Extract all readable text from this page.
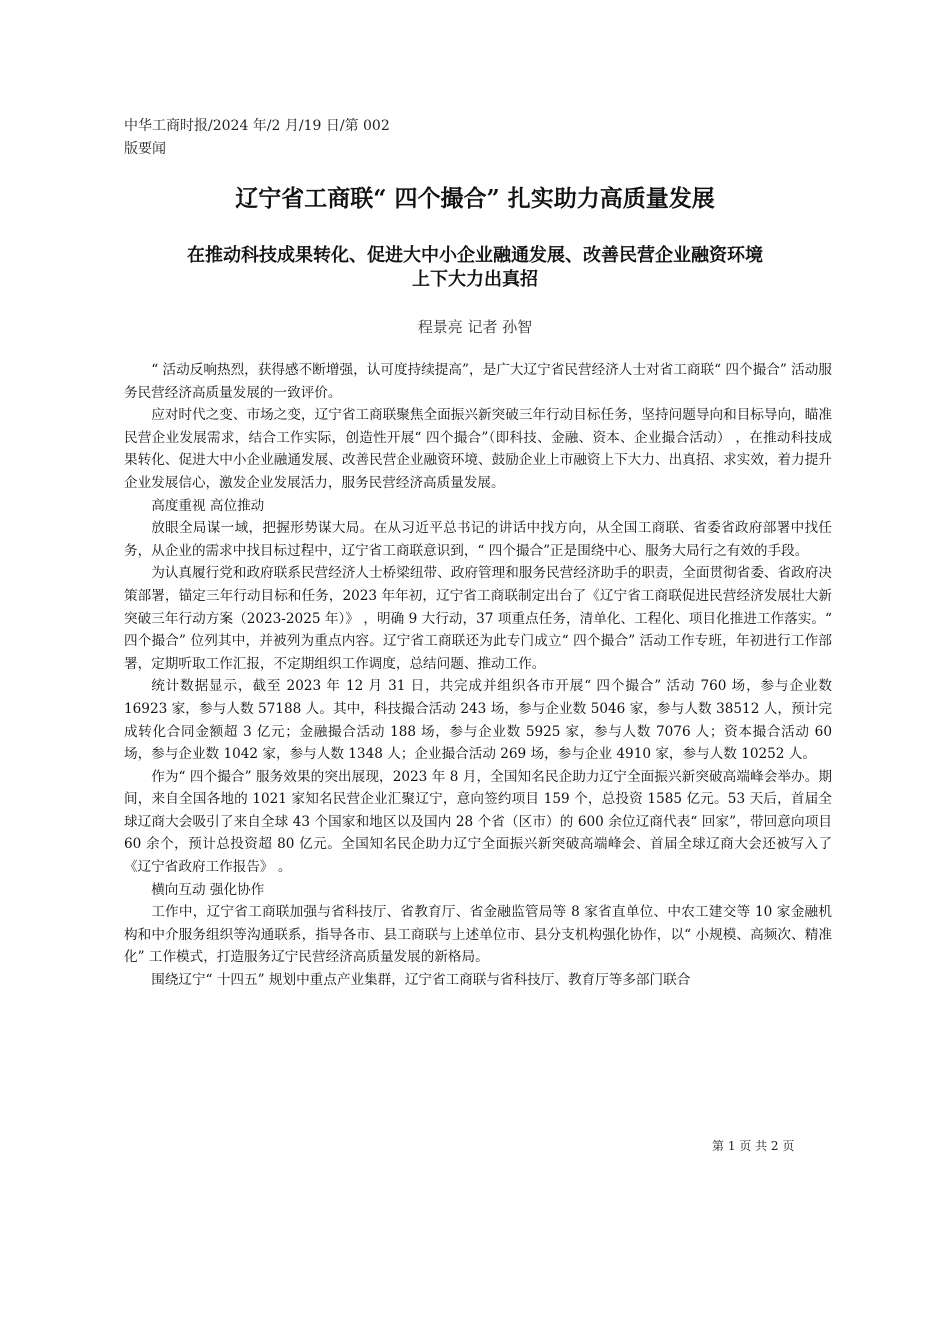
中华工商时报/2024 年/2 月/19 日/第 002
版要闻
辽宁省工商联“ 四个撮合” 扎实助力高质量发展
在推动科技成果转化、促进大中小企业融通发展、改善民营企业融资环境
上下大力出真招
程景亮 记者 孙智

“ 活动反响热烈，获得感不断增强，认可度持续提高”，是广大辽宁省民营经济人士对省工商联“ 四个撮合” 活动服务民营经济高质量发展的一致评价。

应对时代之变、市场之变，辽宁省工商联聚焦全面振兴新突破三年行动目标任务，坚持问题导向和目标导向，瞄准民营企业发展需求，结合工作实际，创造性开展“ 四个撮合”（即科技、金融、资本、企业撮合活动） ，在推动科技成果转化、促进大中小企业融通发展、改善民营企业融资环境、鼓励企业上市融资上下大力、出真招、求实效，着力提升企业发展信心，激发企业发展活力，服务民营经济高质量发展。

高度重视 高位推动

放眼全局谋一域，把握形势谋大局。在从习近平总书记的讲话中找方向，从全国工商联、省委省政府部署中找任务，从企业的需求中找目标过程中，辽宁省工商联意识到，“ 四个撮合”正是围绕中心、服务大局行之有效的手段。

为认真履行党和政府联系民营经济人士桥梁纽带、政府管理和服务民营经济助手的职责，全面贯彻省委、省政府决策部署，锚定三年行动目标和任务，2023 年年初，辽宁省工商联制定出台了《辽宁省工商联促进民营经济发展壮大新突破三年行动方案（2023-2025 年）》 ，明确 9 大行动，37 项重点任务，清单化、工程化、项目化推进工作落实。“ 四个撮合” 位列其中，并被列为重点内容。辽宁省工商联还为此专门成立“ 四个撮合” 活动工作专班，年初进行工作部署，定期听取工作汇报，不定期组织工作调度，总结问题、推动工作。

统计数据显示，截至 2023 年 12 月 31 日，共完成并组织各市开展“ 四个撮合” 活动 760 场，参与企业数 16923 家，参与人数 57188 人。其中，科技撮合活动 243 场，参与企业数 5046 家，参与人数 38512 人，预计完成转化合同金额超 3 亿元；金融撮合活动 188 场，参与企业数 5925 家，参与人数 7076 人；资本撮合活动 60 场，参与企业数 1042 家，参与人数 1348 人；企业撮合活动 269 场，参与企业 4910 家，参与人数 10252 人。

作为“ 四个撮合” 服务效果的突出展现，2023 年 8 月，全国知名民企助力辽宁全面振兴新突破高端峰会举办。期间，来自全国各地的 1021 家知名民营企业汇聚辽宁，意向签约项目 159 个，总投资 1585 亿元。53 天后，首届全球辽商大会吸引了来自全球 43 个国家和地区以及国内 28 个省（区市）的 600 余位辽商代表“ 回家”，带回意向项目 60 余个，预计总投资超 80 亿元。全国知名民企助力辽宁全面振兴新突破高端峰会、首届全球辽商大会还被写入了《辽宁省政府工作报告》 。

横向互动 强化协作

工作中，辽宁省工商联加强与省科技厅、省教育厅、省金融监管局等 8 家省直单位、中农工建交等 10 家金融机构和中介服务组织等沟通联系，指导各市、县工商联与上述单位市、县分支机构强化协作，以“ 小规模、高频次、精准化” 工作模式，打造服务辽宁民营经济高质量发展的新格局。

围绕辽宁“ 十四五” 规划中重点产业集群，辽宁省工商联与省科技厅、教育厅等多部门联合

第 1 页 共 2 页
